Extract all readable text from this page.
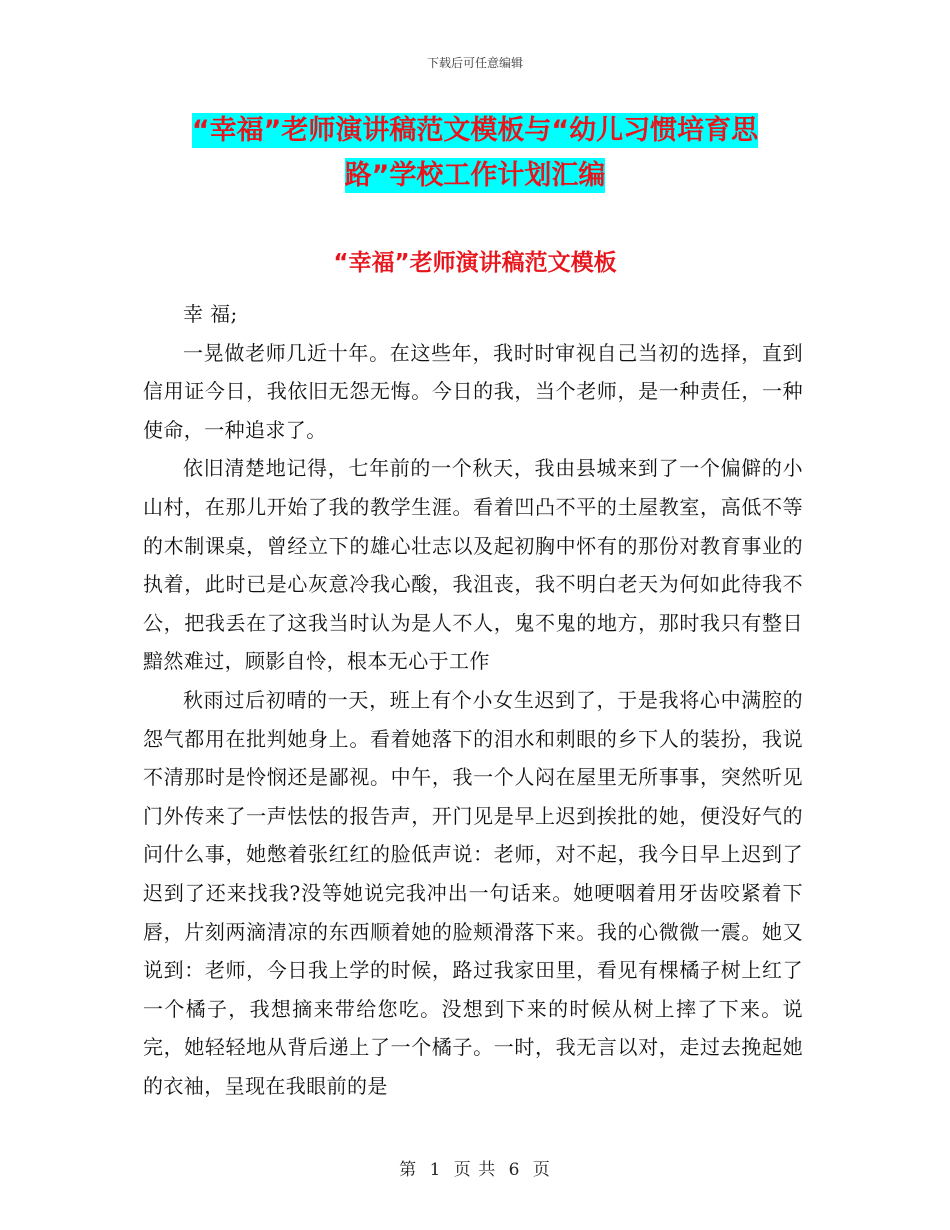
下载后可任意编辑
“幸福”老师演讲稿范文模板与“幼儿习惯培育思
路”学校工作计划汇编
“幸福”老师演讲稿范文模板

幸 福;

一晃做老师几近十年。在这些年，我时时审视自己当初的选择，直到信用证今日，我依旧无怨无悔。今日的我，当个老师，是一种责任，一种使命，一种追求了。

依旧清楚地记得，七年前的一个秋天，我由县城来到了一个偏僻的小山村，在那儿开始了我的教学生涯。看着凹凸不平的土屋教室，高低不等的木制课桌，曾经立下的雄心壮志以及起初胸中怀有的那份对教育事业的执着，此时已是心灰意冷我心酸，我沮丧，我不明白老天为何如此待我不公，把我丢在了这我当时认为是人不人，鬼不鬼的地方，那时我只有整日黯然难过，顾影自怜，根本无心于工作

秋雨过后初晴的一天，班上有个小女生迟到了，于是我将心中满腔的怨气都用在批判她身上。看着她落下的泪水和刺眼的乡下人的装扮，我说不清那时是怜悯还是鄙视。中午，我一个人闷在屋里无所事事，突然听见门外传来了一声怯怯的报告声，开门见是早上迟到挨批的她，便没好气的问什么事，她憋着张红红的脸低声说：老师，对不起，我今日早上迟到了迟到了还来找我?没等她说完我冲出一句话来。她哽咽着用牙齿咬紧着下唇，片刻两滴清凉的东西顺着她的脸颊滑落下来。我的心微微一震。她又说到：老师，今日我上学的时候，路过我家田里，看见有棵橘子树上红了一个橘子，我想摘来带给您吃。没想到下来的时候从树上摔了下来。说完，她轻轻地从背后递上了一个橘子。一时，我无言以对，走过去挽起她的衣袖，呈现在我眼前的是

第 1 页 共 6 页
